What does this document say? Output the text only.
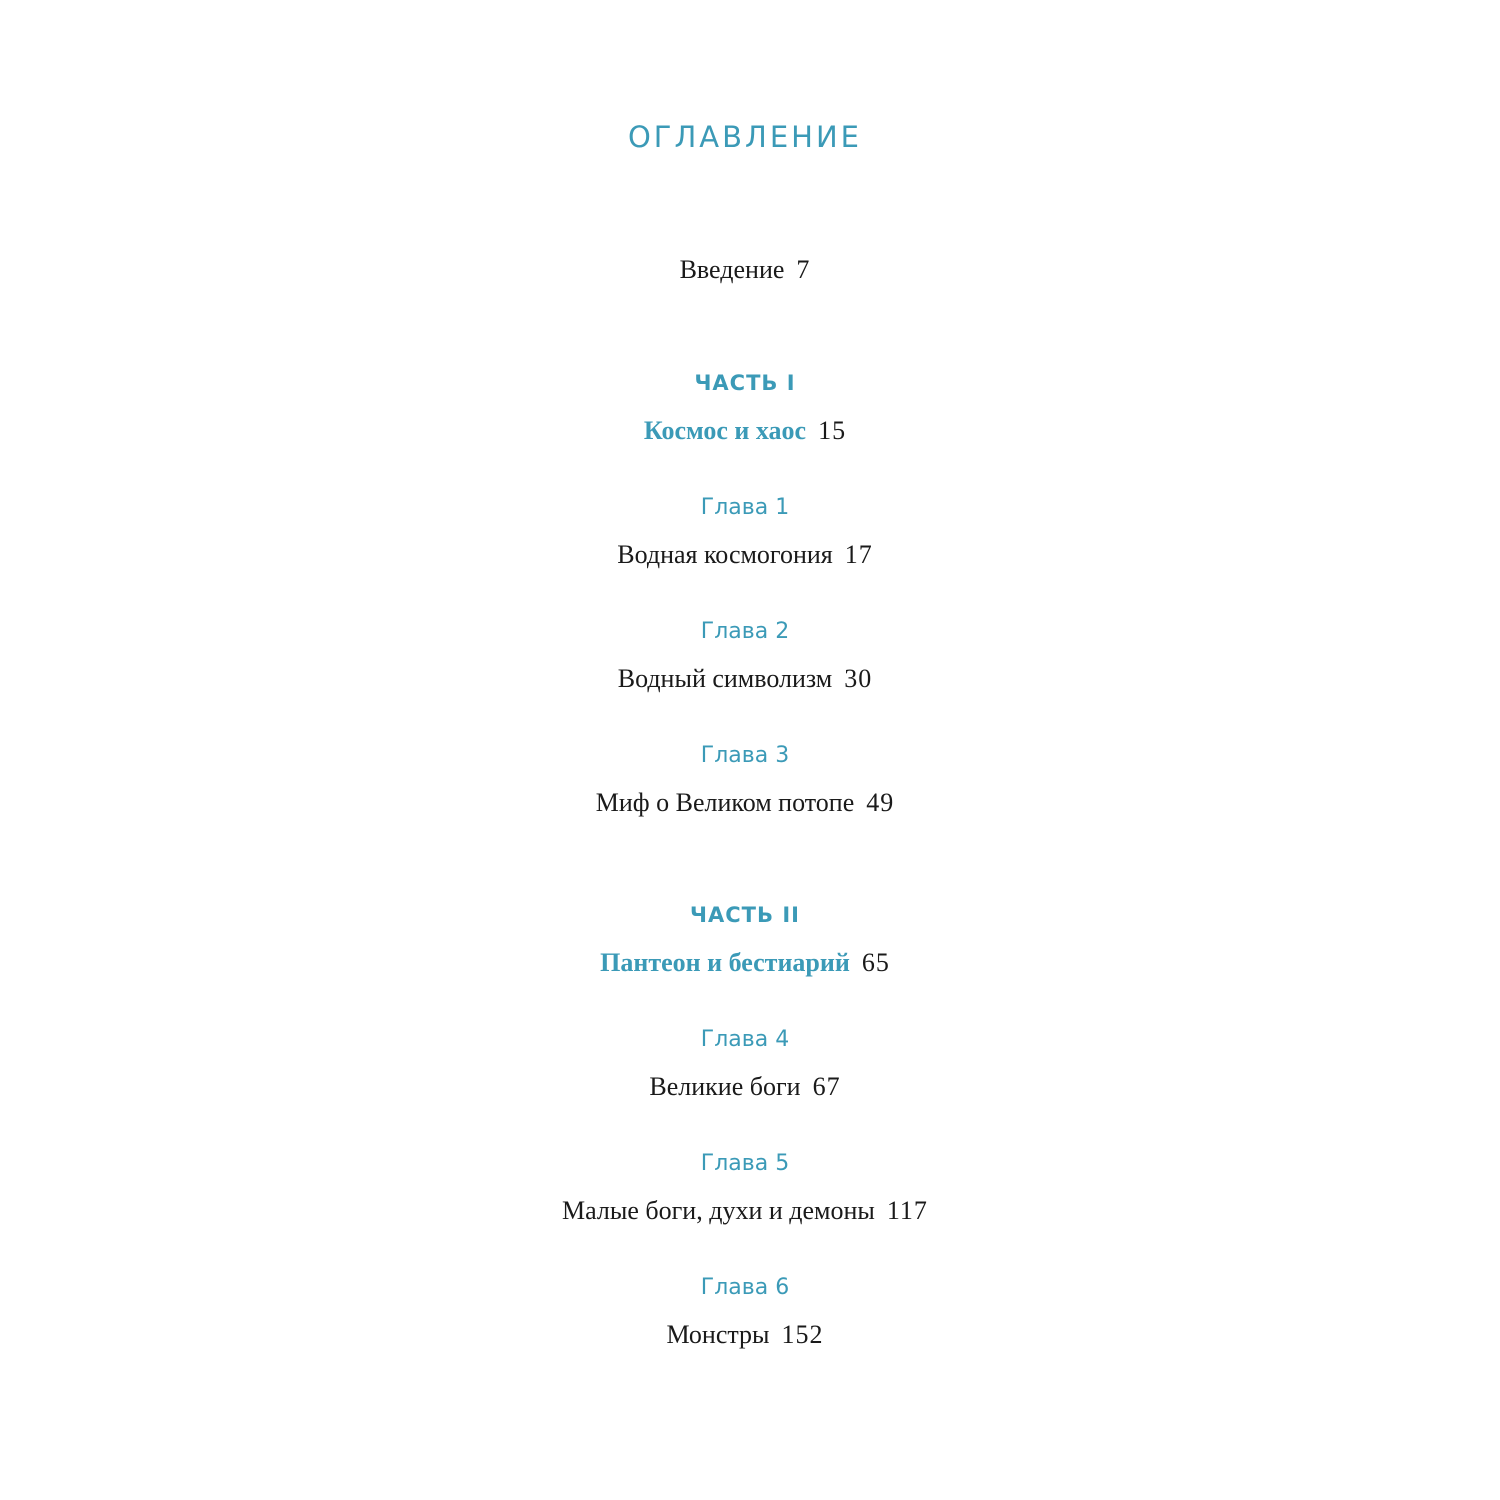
ОГЛАВЛЕНИЕ
Введение 7
ЧАСТЬ I
Космос и хаос 15
Глава 1
Водная космогония 17
Глава 2
Водный символизм 30
Глава 3
Миф о Великом потопе 49
ЧАСТЬ II
Пантеон и бестиарий 65
Глава 4
Великие боги 67
Глава 5
Малые боги, духи и демоны 117
Глава 6
Монстры 152
